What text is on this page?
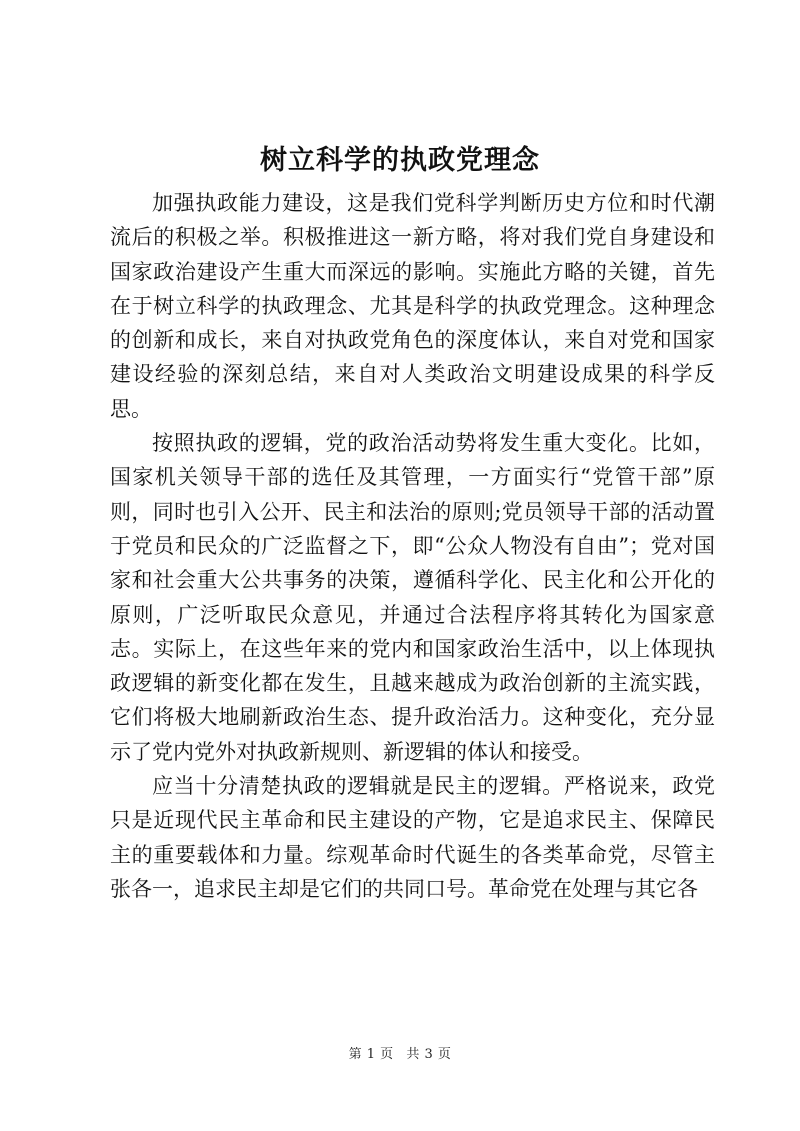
树立科学的执政党理念

加强执政能力建设，这是我们党科学判断历史方位和时代潮流后的积极之举。积极推进这一新方略，将对我们党自身建设和国家政治建设产生重大而深远的影响。实施此方略的关键，首先在于树立科学的执政理念、尤其是科学的执政党理念。这种理念的创新和成长，来自对执政党角色的深度体认，来自对党和国家建设经验的深刻总结，来自对人类政治文明建设成果的科学反思。

按照执政的逻辑，党的政治活动势将发生重大变化。比如，国家机关领导干部的选任及其管理，一方面实行“党管干部”原则，同时也引入公开、民主和法治的原则;党员领导干部的活动置于党员和民众的广泛监督之下，即“公众人物没有自由”；党对国家和社会重大公共事务的决策，遵循科学化、民主化和公开化的原则，广泛听取民众意见，并通过合法程序将其转化为国家意志。实际上，在这些年来的党内和国家政治生活中，以上体现执政逻辑的新变化都在发生，且越来越成为政治创新的主流实践，它们将极大地刷新政治生态、提升政治活力。这种变化，充分显示了党内党外对执政新规则、新逻辑的体认和接受。

应当十分清楚执政的逻辑就是民主的逻辑。严格说来，政党只是近现代民主革命和民主建设的产物，它是追求民主、保障民主的重要载体和力量。综观革命时代诞生的各类革命党，尽管主张各一，追求民主却是它们的共同口号。革命党在处理与其它各

第 1 页 共 3 页
